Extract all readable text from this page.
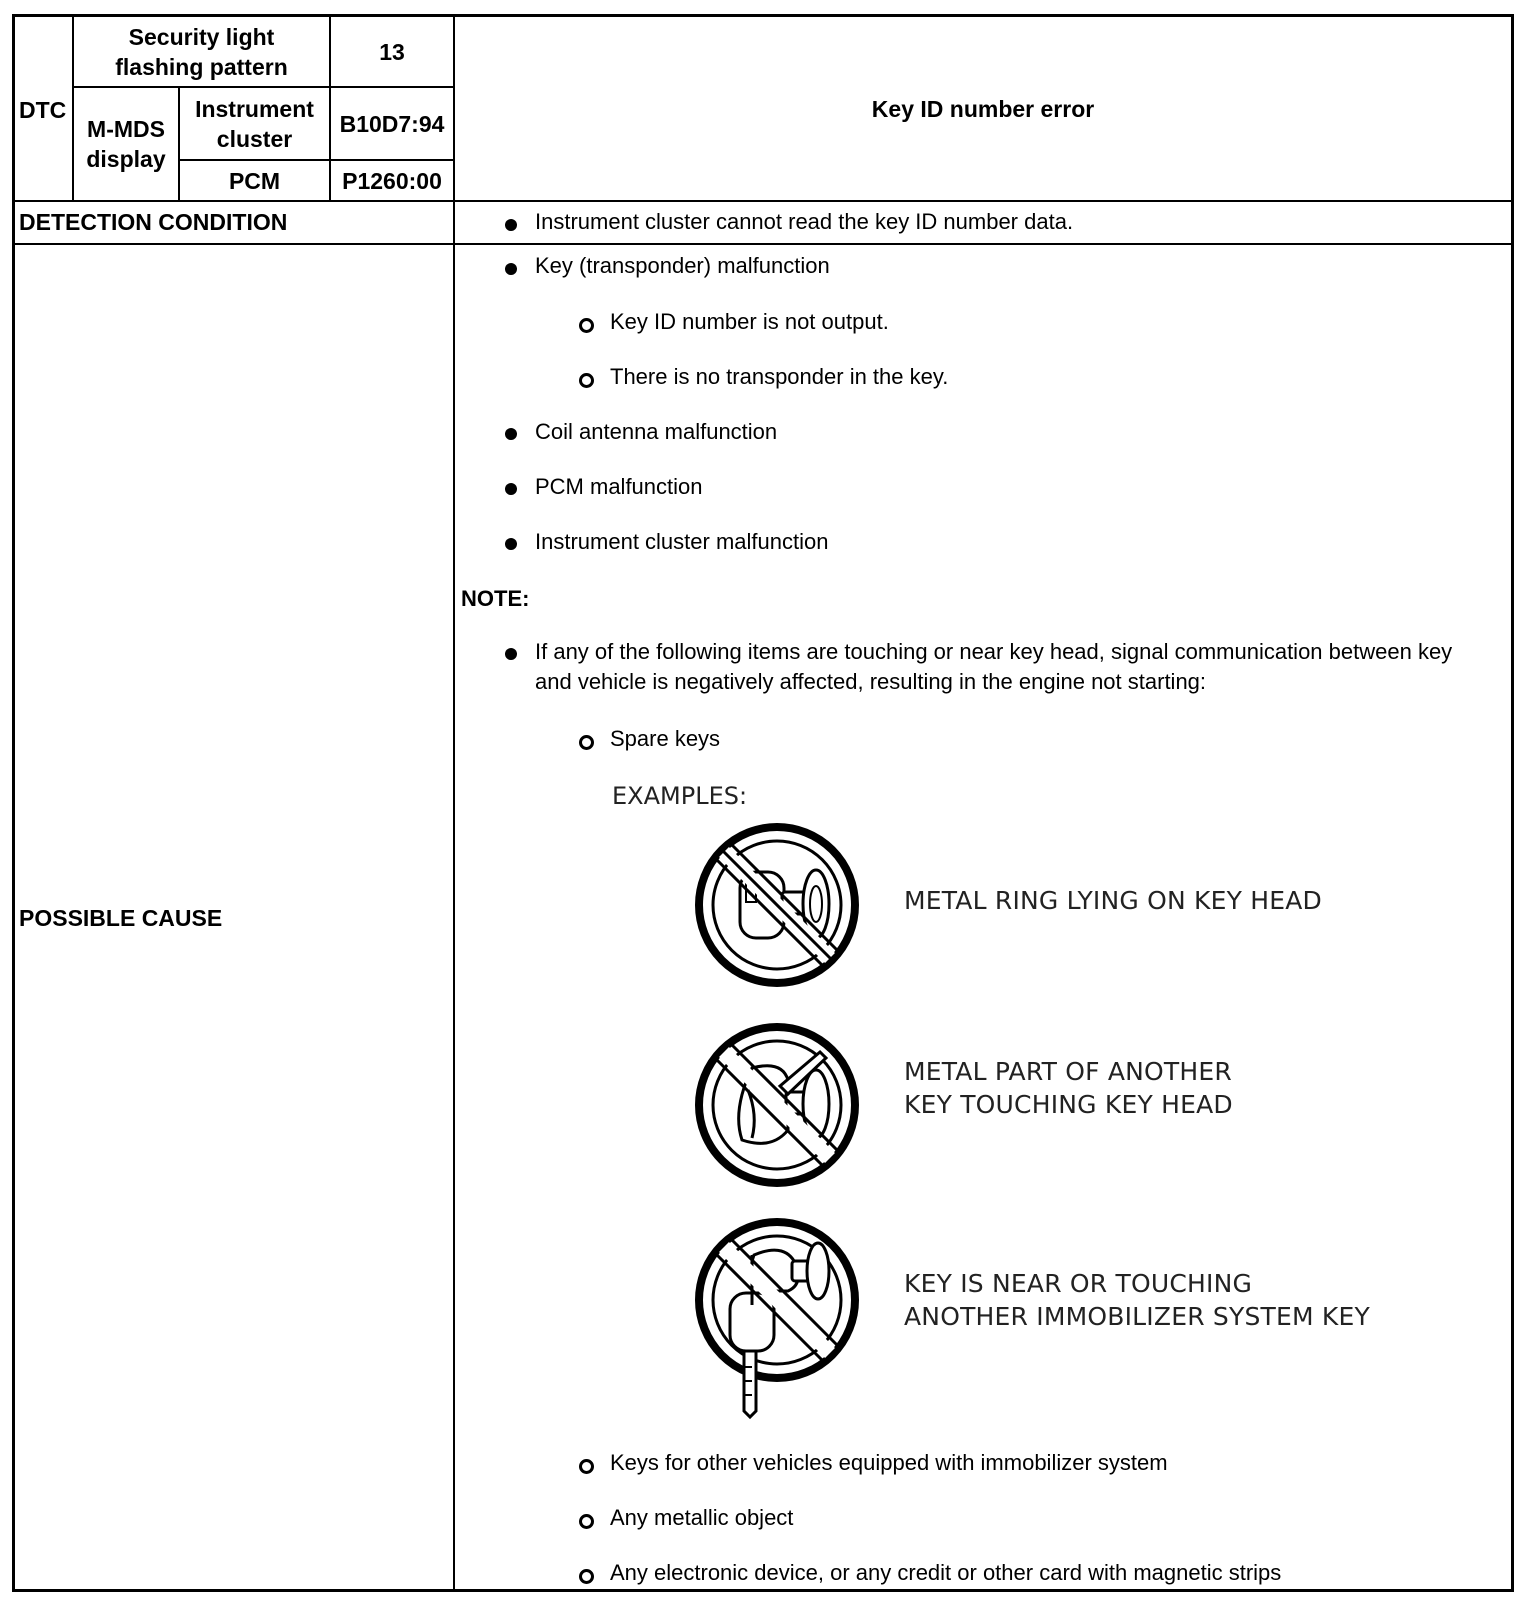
DTC
Security light flashing pattern
13
M-MDS display
Instrument cluster
B10D7:94
PCM	P1260:00
Key ID number error
DETECTION CONDITION	Instrument cluster cannot read the key ID number data.
POSSIBLE CAUSE
Key (transponder) malfunction
Key ID number is not output.
There is no transponder in the key.
Coil antenna malfunction
PCM malfunction
Instrument cluster malfunction
NOTE:
If any of the following items are touching or near key head, signal communication between key and vehicle is negatively affected, resulting in the engine not starting:
Spare keys
EXAMPLES:
METAL RING LYING ON KEY HEAD
METAL PART OF ANOTHER
KEY TOUCHING KEY HEAD
KEY IS NEAR OR TOUCHING
ANOTHER IMMOBILIZER SYSTEM KEY
Keys for other vehicles equipped with immobilizer system
Any metallic object
Any electronic device, or any credit or other card with magnetic strips
